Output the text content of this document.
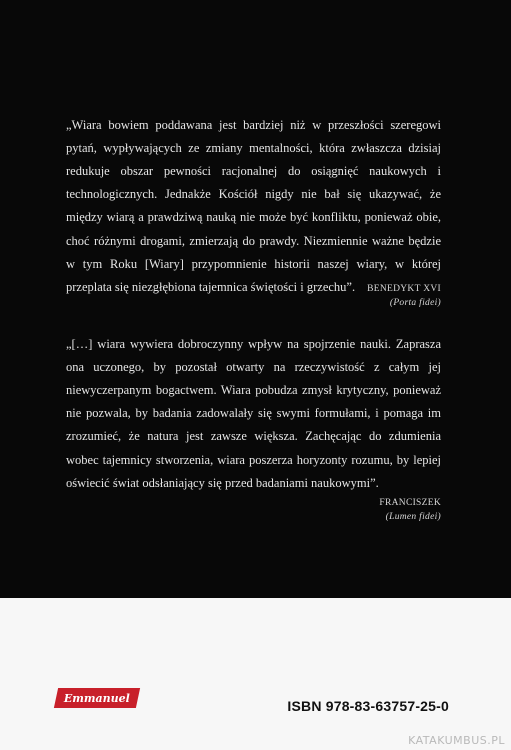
„Wiara bowiem poddawana jest bardziej niż w przeszłości szeregowi pytań, wypływających ze zmiany mentalności, która zwłaszcza dzisiaj redukuje obszar pewności racjonalnej do osiągnięć naukowych i technologicznych. Jednakże Kościół nigdy nie bał się ukazywać, że między wiarą a prawdziwą nauką nie może być konfliktu, ponieważ obie, choć różnymi drogami, zmierzają do prawdy. Niezmiennie ważne będzie w tym Roku [Wiary] przypomnienie historii naszej wiary, w której przeplata się niezgłębiona tajemnica świętości i grzechu”.	BENEDYKT XVI
(Porta fidei)

„[…] wiara wywiera dobroczynny wpływ na spojrzenie nauki. Zaprasza ona uczonego, by pozostał otwarty na rzeczywistość z całym jej niewyczerpanym bogactwem. Wiara pobudza zmysł krytyczny, ponieważ nie pozwala, by badania zadowalały się swymi formułami, i pomaga im zrozumieć, że natura jest zawsze większa. Zachęcając do zdumienia wobec tajemnicy stworzenia, wiara poszerza horyzonty rozumu, by lepiej oświecić świat odsłaniający się przed badaniami naukowymi”.

FRANCISZEK
(Lumen fidei)
Emmanuel	ISBN 978-83-63757-25-0
KATAKUMBUS.PL
